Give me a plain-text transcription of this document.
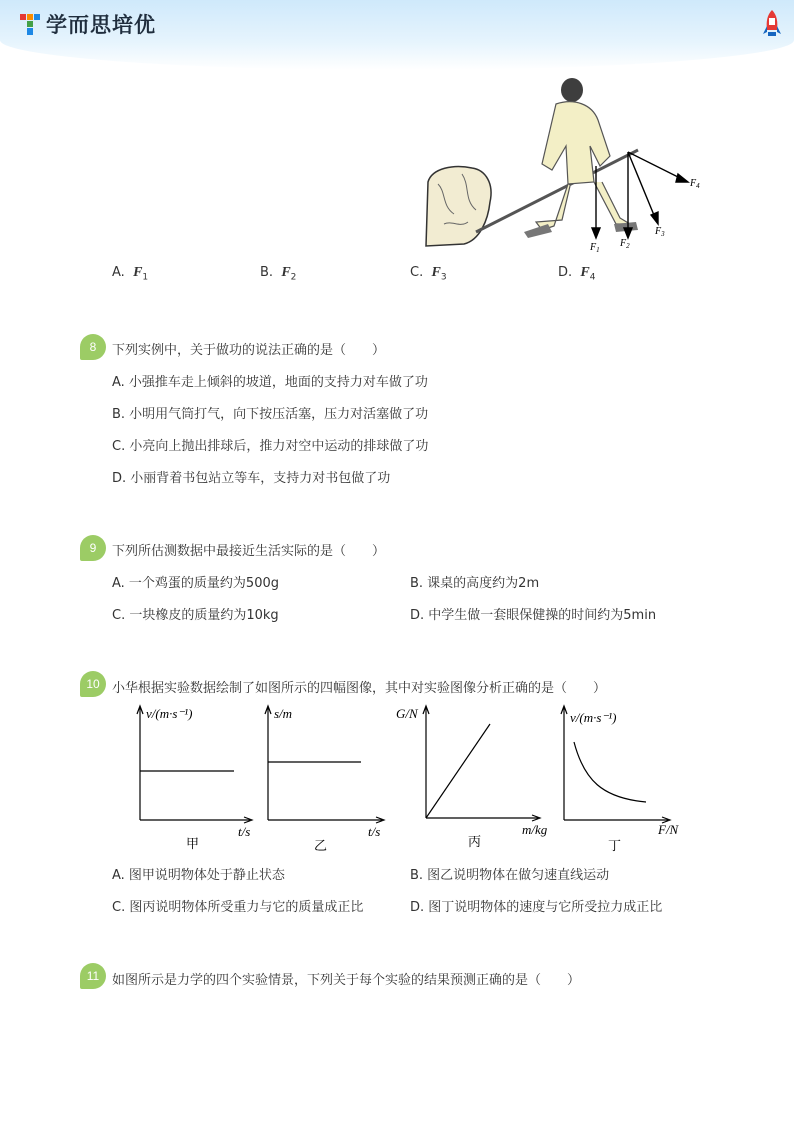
学而思培优
$F_1$
$F_2$
$F_3$
$F_4$
A. $F_1$	B. $F_2$	C. $F_3$	D. $F_4$
8	下列实例中，关于做功的说法正确的是（　　）
A. 小强推车走上倾斜的坡道，地面的支持力对车做了功
B. 小明用气筒打气，向下按压活塞，压力对活塞做了功
C. 小亮向上抛出排球后，推力对空中运动的排球做了功
D. 小丽背着书包站立等车，支持力对书包做了功
9	下列所估测数据中最接近生活实际的是（　　）
A. 一个鸡蛋的质量约为500g	B. 课桌的高度约为2m
C. 一块橡皮的质量约为10kg	D. 中学生做一套眼保健操的时间约为5min
10 小华根据实验数据绘制了如图所示的四幅图像，其中对实验图像分析正确的是（　　）
v/(m·s⁻¹)
t/s
甲
s/m
t/s
乙
G/N
m/kg
丙
v/(m·s⁻¹)
F/N
丁
A. 图甲说明物体处于静止状态	B. 图乙说明物体在做匀速直线运动
C. 图丙说明物体所受重力与它的质量成正比	D. 图丁说明物体的速度与它所受拉力成正比
11 如图所示是力学的四个实验情景，下列关于每个实验的结果预测正确的是（　　）
